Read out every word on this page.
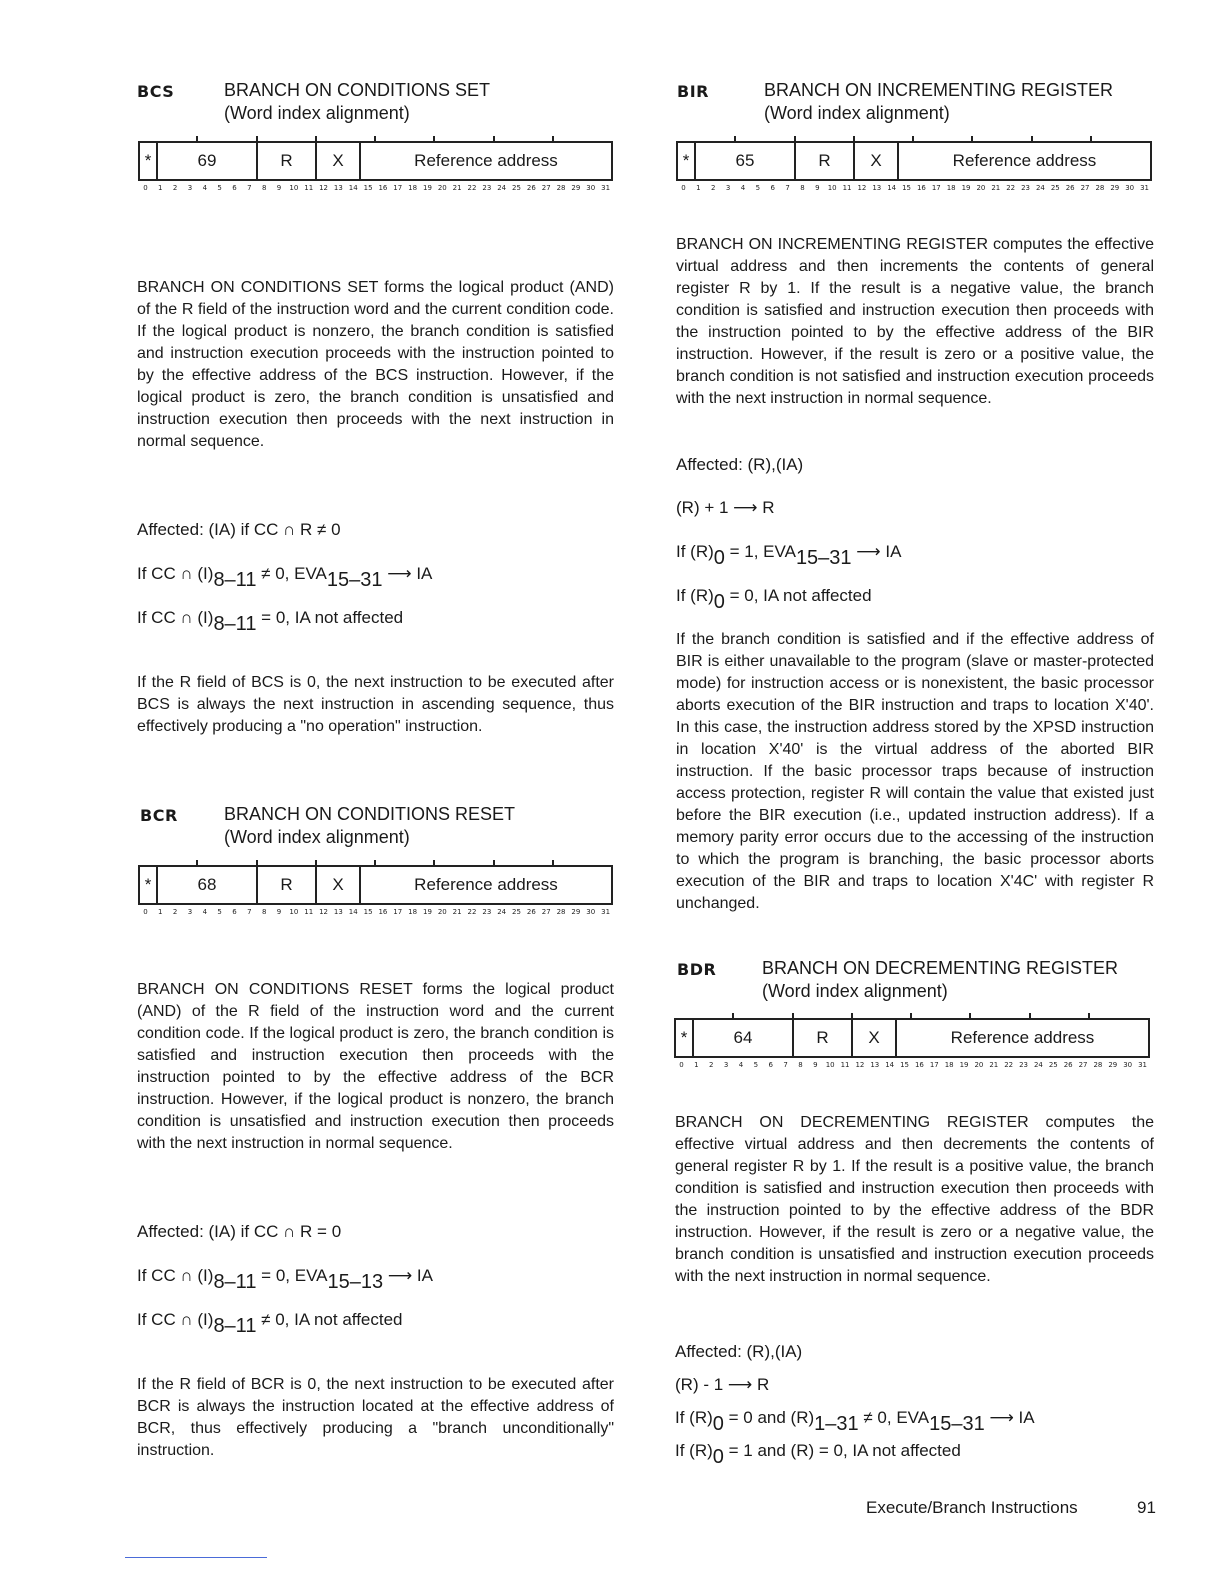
BCS	BRANCH ON CONDITIONS SET
(Word index alignment)
*	69	R	X	Reference address
0	1	2	3	4	5	6	7	8	9	10 11 12 13 14 15 16 17 18 19 20 21 22 23 24 25 26 27 28 29 30 31
BRANCH ON CONDITIONS SET forms the logical product (AND) of the R field of the instruction word and the current condition code. If the logical product is nonzero, the branch condition is satisfied and instruction execution proceeds with the instruction pointed to by the effective address of the BCS instruction. However, if the logical product is zero, the branch condition is unsatisfied and instruction execution then proceeds with the next instruction in normal sequence.
Affected: (IA) if CC ∩ R ≠ 0
If CC ∩ $(I)_{8-11} \ne 0$, $EVA_{15-31}$ ⟶ IA
If CC ∩ $(I)_{8-11} = 0$, IA not affected
If the R field of BCS is 0, the next instruction to be executed after BCS is always the next instruction in ascending sequence, thus effectively producing a "no operation" instruction.
BCR	BRANCH ON CONDITIONS RESET
(Word index alignment)
*	68	R	X	Reference address
0	1	2	3	4	5	6	7	8	9	10 11 12 13 14 15 16 17 18 19 20 21 22 23 24 25 26 27 28 29 30 31
BRANCH ON CONDITIONS RESET forms the logical product (AND) of the R field of the instruction word and the current condition code. If the logical product is zero, the branch condition is satisfied and instruction execution then proceeds with the instruction pointed to by the effective address of the BCR instruction. However, if the logical product is nonzero, the branch condition is unsatisfied and instruction execution then proceeds with the next instruction in normal sequence.
Affected: (IA) if CC ∩ R = 0
If CC ∩ $(I)_{8-11} = 0$, $EVA_{15-13}$ ⟶ IA
If CC ∩ $(I)_{8-11} \ne 0$, IA not affected
If the R field of BCR is 0, the next instruction to be executed after BCR is always the instruction located at the effective address of BCR, thus effectively producing a "branch unconditionally" instruction.
BIR	BRANCH ON INCREMENTING REGISTER
(Word index alignment)
*	65	R	X	Reference address
0	1	2	3	4	5	6	7	8	9	10 11 12 13 14 15 16 17 18 19 20 21 22 23 24 25 26 27 28 29 30 31
BRANCH ON INCREMENTING REGISTER computes the effective virtual address and then increments the contents of general register R by 1. If the result is a negative value, the branch condition is satisfied and instruction execution then proceeds with the instruction pointed to by the effective address of the BIR instruction. However, if the result is zero or a positive value, the branch condition is not satisfied and instruction execution proceeds with the next instruction in normal sequence.
Affected: (R),(IA)
(R) + 1 ⟶ R
If $(R)_0 = 1$, $EVA_{15-31}$ ⟶ IA
If $(R)_0 = 0$, IA not affected
If the branch condition is satisfied and if the effective address of BIR is either unavailable to the program (slave or master-protected mode) for instruction access or is nonexistent, the basic processor aborts execution of the BIR instruction and traps to location X'40'. In this case, the instruction address stored by the XPSD instruction in location X'40' is the virtual address of the aborted BIR instruction. If the basic processor traps because of instruction access protection, register R will contain the value that existed just before the BIR execution (i.e., updated instruction address). If a memory parity error occurs due to the accessing of the instruction to which the program is branching, the basic processor aborts execution of the BIR and traps to location X'4C' with register R unchanged.
BDR	BRANCH ON DECREMENTING REGISTER
(Word index alignment)
*	64	R	X	Reference address
0	1	2	3	4	5	6	7	8	9	10 11 12 13 14 15 16 17 18 19 20 21 22 23 24 25 26 27 28 29 30 31
BRANCH ON DECREMENTING REGISTER computes the effective virtual address and then decrements the contents of general register R by 1. If the result is a positive value, the branch condition is satisfied and instruction execution then proceeds with the instruction pointed to by the effective address of the BDR instruction. However, if the result is zero or a negative value, the branch condition is unsatisfied and instruction execution proceeds with the next instruction in normal sequence.
Affected: (R),(IA)
(R) - 1 ⟶ R
If $(R)_0 = 0$ and $(R)_{1-31} \ne 0$, $EVA_{15-31}$ ⟶ IA
If $(R)_0 = 1$ and (R) = 0, IA not affected
Execute/Branch Instructions	91
